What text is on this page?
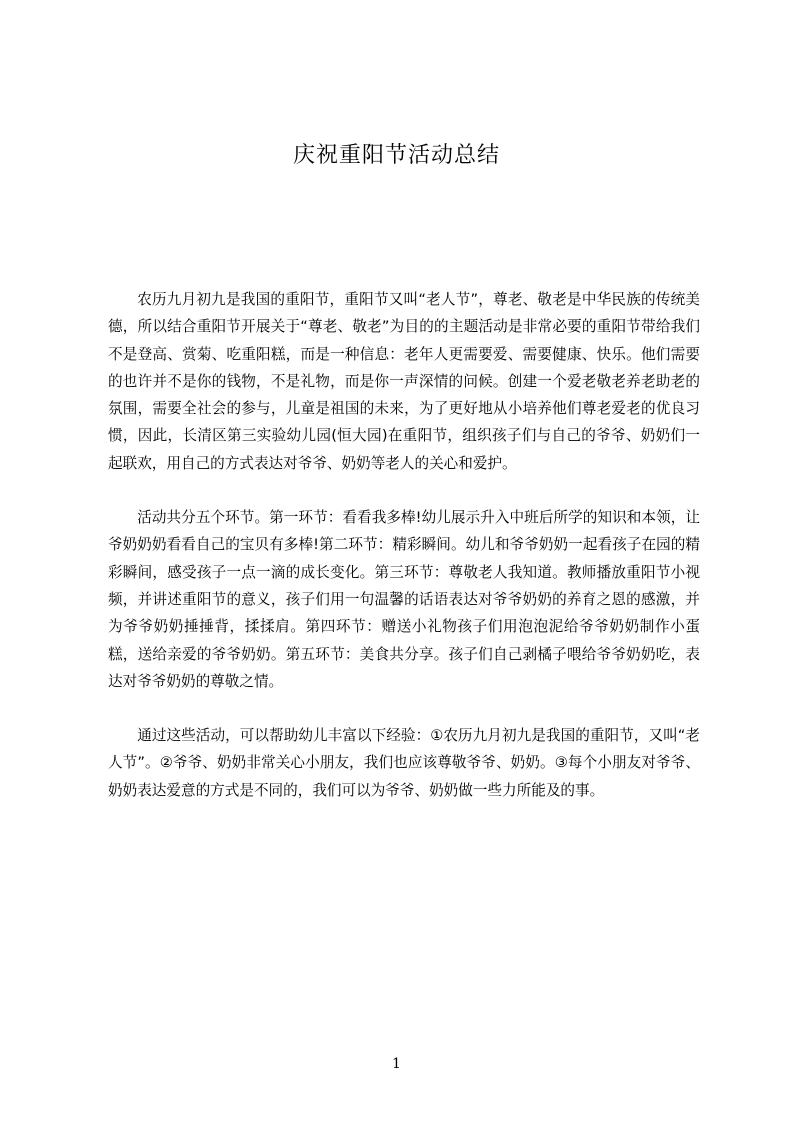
庆祝重阳节活动总结

农历九月初九是我国的重阳节，重阳节又叫“老人节”，尊老、敬老是中华民族的传统美德，所以结合重阳节开展关于“尊老、敬老”为目的的主题活动是非常必要的重阳节带给我们不是登高、赏菊、吃重阳糕，而是一种信息：老年人更需要爱、需要健康、快乐。他们需要的也许并不是你的钱物，不是礼物，而是你一声深情的问候。创建一个爱老敬老养老助老的氛围，需要全社会的参与，儿童是祖国的未来，为了更好地从小培养他们尊老爱老的优良习惯，因此，长清区第三实验幼儿园(恒大园)在重阳节，组织孩子们与自己的爷爷、奶奶们一起联欢，用自己的方式表达对爷爷、奶奶等老人的关心和爱护。

活动共分五个环节。第一环节：看看我多棒!幼儿展示升入中班后所学的知识和本领，让爷奶奶奶看看自己的宝贝有多棒!第二环节：精彩瞬间。幼儿和爷爷奶奶一起看孩子在园的精彩瞬间，感受孩子一点一滴的成长变化。第三环节：尊敬老人我知道。教师播放重阳节小视频，并讲述重阳节的意义，孩子们用一句温馨的话语表达对爷爷奶奶的养育之恩的感激，并为爷爷奶奶捶捶背，揉揉肩。第四环节：赠送小礼物孩子们用泡泡泥给爷爷奶奶制作小蛋糕，送给亲爱的爷爷奶奶。第五环节：美食共分享。孩子们自己剥橘子喂给爷爷奶奶吃，表达对爷爷奶奶的尊敬之情。

通过这些活动，可以帮助幼儿丰富以下经验：①农历九月初九是我国的重阳节，又叫“老人节”。②爷爷、奶奶非常关心小朋友，我们也应该尊敬爷爷、奶奶。③每个小朋友对爷爷、奶奶表达爱意的方式是不同的，我们可以为爷爷、奶奶做一些力所能及的事。

1
